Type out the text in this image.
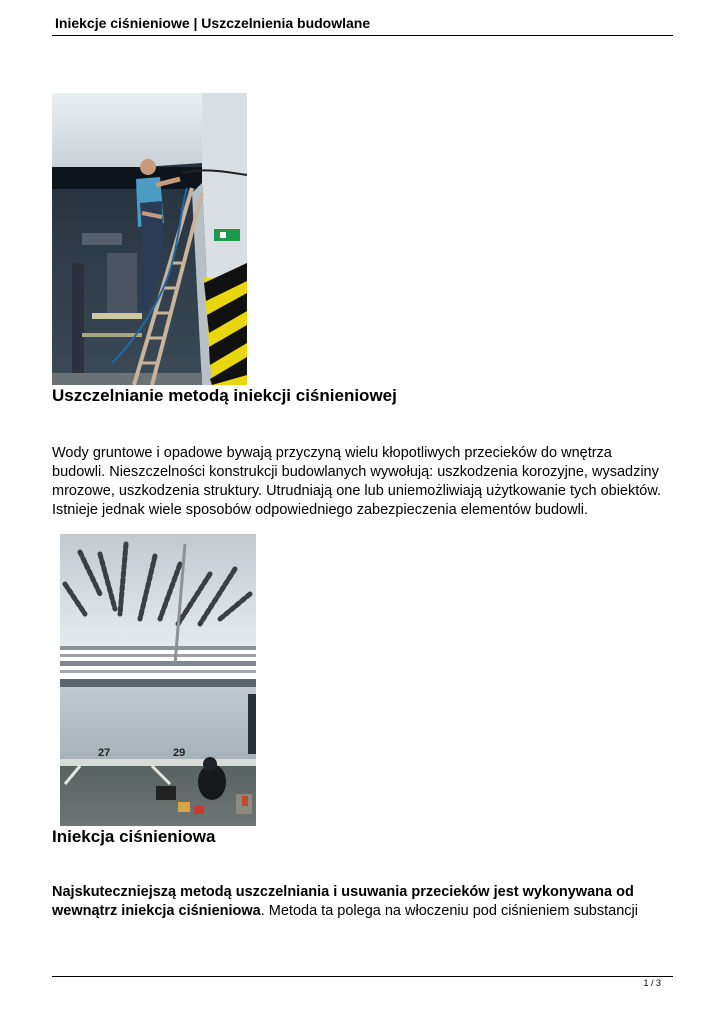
Iniekcje ciśnieniowe | Uszczelnienia budowlane
Uszczelnianie metodą iniekcji ciśnieniowej
Wody gruntowe i opadowe bywają przyczyną wielu kłopotliwych przecieków do wnętrza
budowli. Nieszczelności konstrukcji budowlanych wywołują: uszkodzenia korozyjne, wysadziny
mrozowe, uszkodzenia struktury. Utrudniają one lub uniemożliwiają użytkowanie tych obiektów.
Istnieje jednak wiele sposobów odpowiedniego zabezpieczenia elementów budowli.
27	29
Iniekcja ciśnieniowa
Najskuteczniejszą metodą uszczelniania i usuwania przecieków jest wykonywana od
wewnątrz iniekcja ciśnieniowa. Metoda ta polega na włoczeniu pod ciśnieniem substancji
1 / 3
